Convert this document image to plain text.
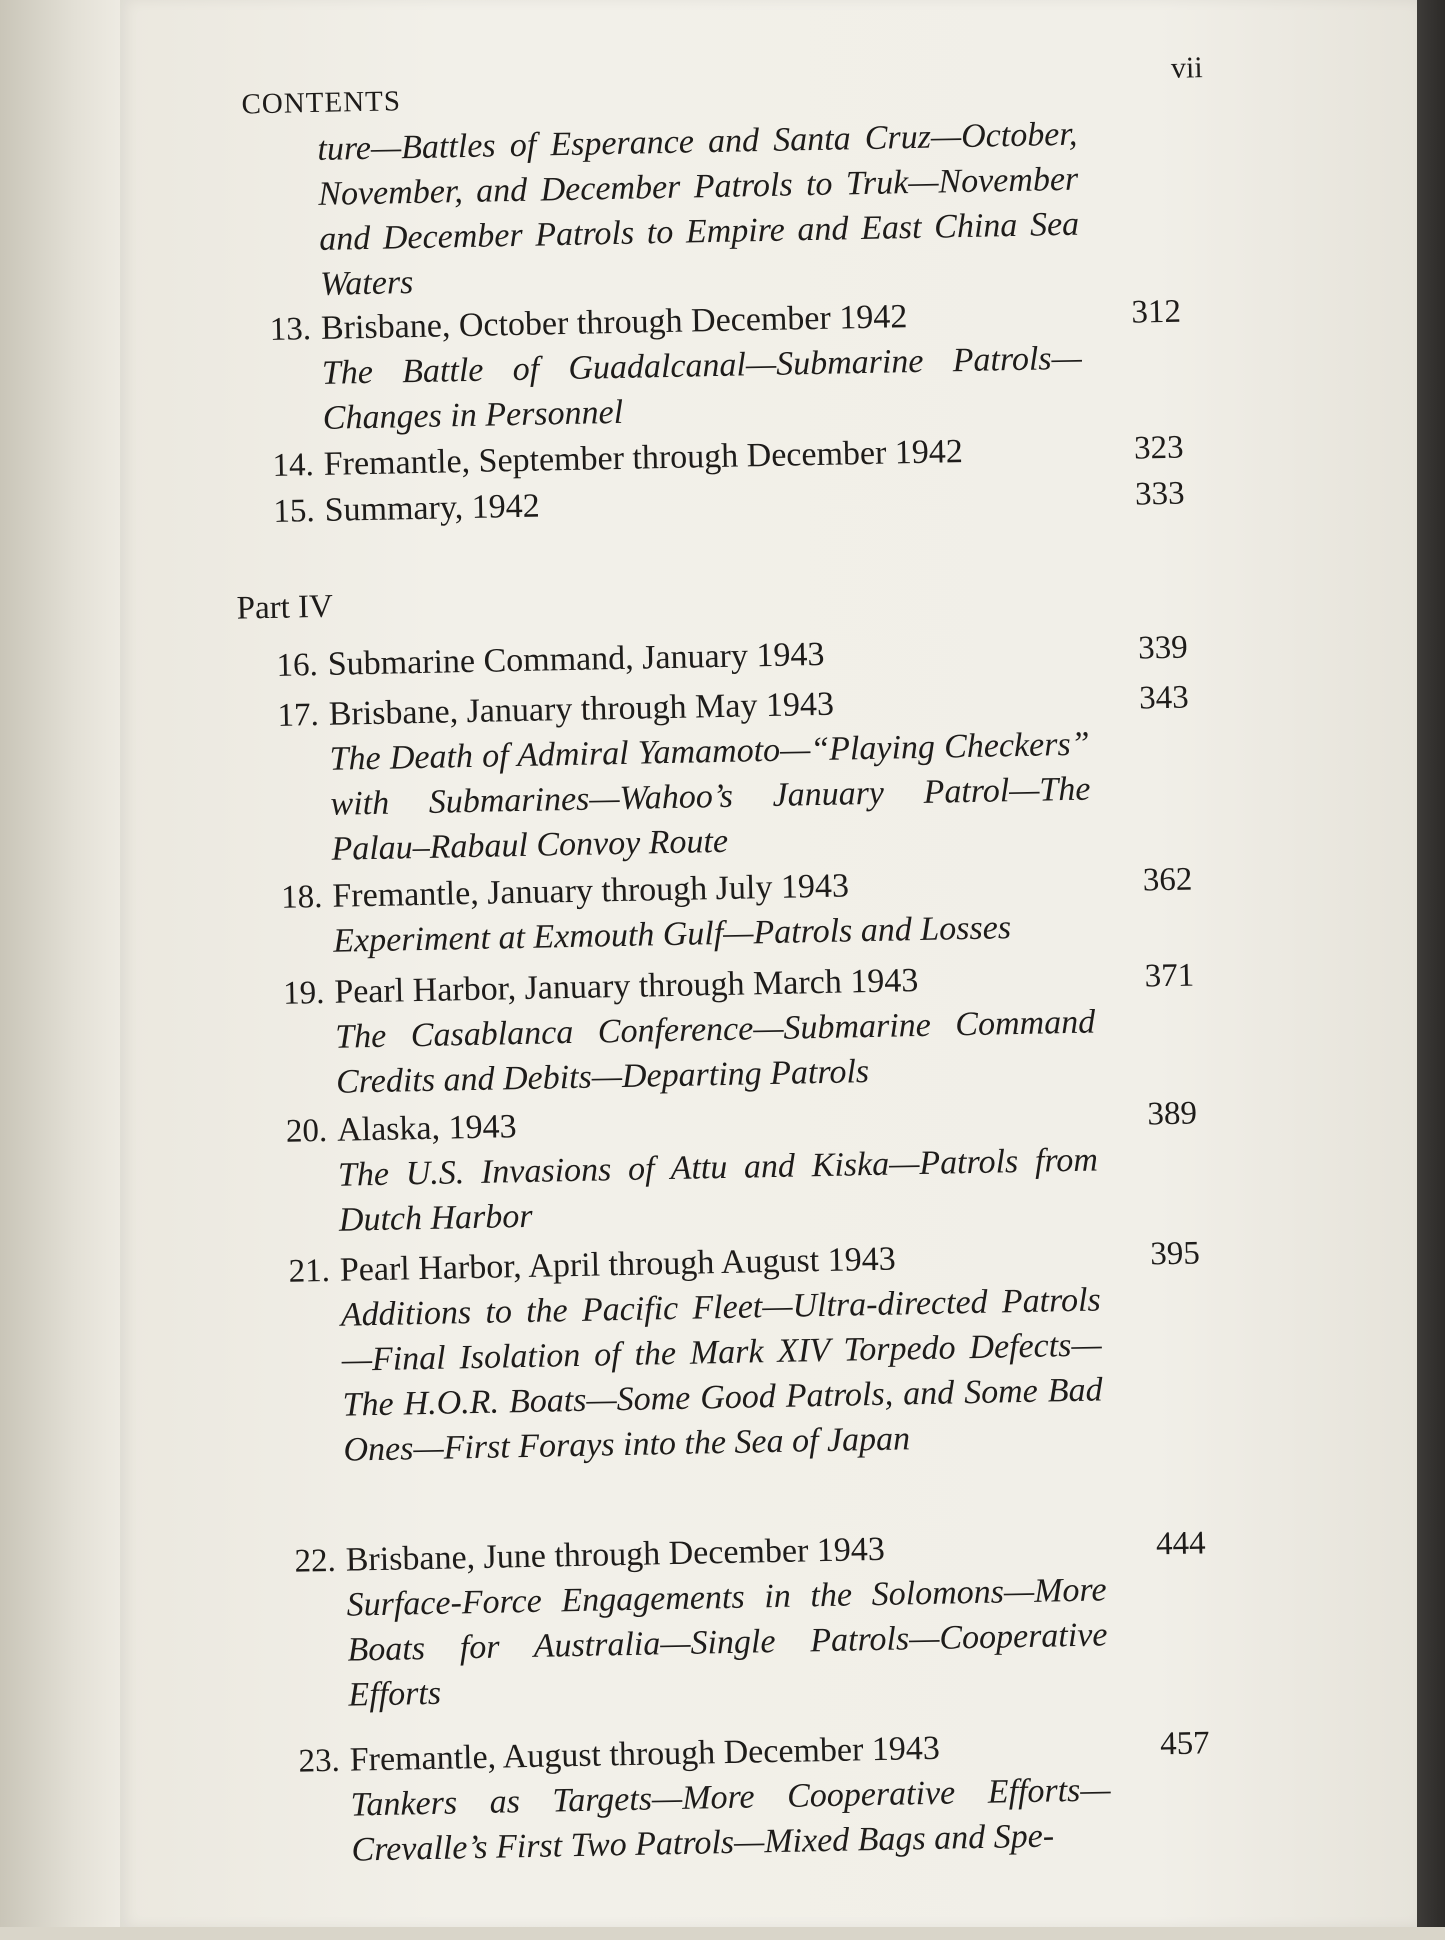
CONTENTS
vii
ture—Battles of Esperance and Santa Cruz—October, November, and December Patrols to Truk—November and December Patrols to Empire and East China Sea Waters
13. Brisbane, October through December 1942	312
The Battle of Guadalcanal—Submarine Patrols—Changes in Personnel
14. Fremantle, September through December 1942	323
15. Summary, 1942	333
Part IV
16. Submarine Command, January 1943	339
17. Brisbane, January through May 1943	343
The Death of Admiral Yamamoto—“Playing Checkers” with Submarines—Wahoo’s January Patrol—The Palau–Rabaul Convoy Route
18. Fremantle, January through July 1943	362
Experiment at Exmouth Gulf—Patrols and Losses
19. Pearl Harbor, January through March 1943	371
The Casablanca Conference—Submarine Command Credits and Debits—Departing Patrols
20. Alaska, 1943	389
The U.S. Invasions of Attu and Kiska—Patrols from Dutch Harbor
21. Pearl Harbor, April through August 1943	395
Additions to the Pacific Fleet—Ultra-directed Patrols—Final Isolation of the Mark XIV Torpedo Defects—The H.O.R. Boats—Some Good Patrols, and Some Bad Ones—First Forays into the Sea of Japan
22. Brisbane, June through December 1943	444
Surface-Force Engagements in the Solomons—More Boats for Australia—Single Patrols—Cooperative Efforts
23. Fremantle, August through December 1943	457
Tankers as Targets—More Cooperative Efforts—Crevalle’s First Two Patrols—Mixed Bags and Spe-
